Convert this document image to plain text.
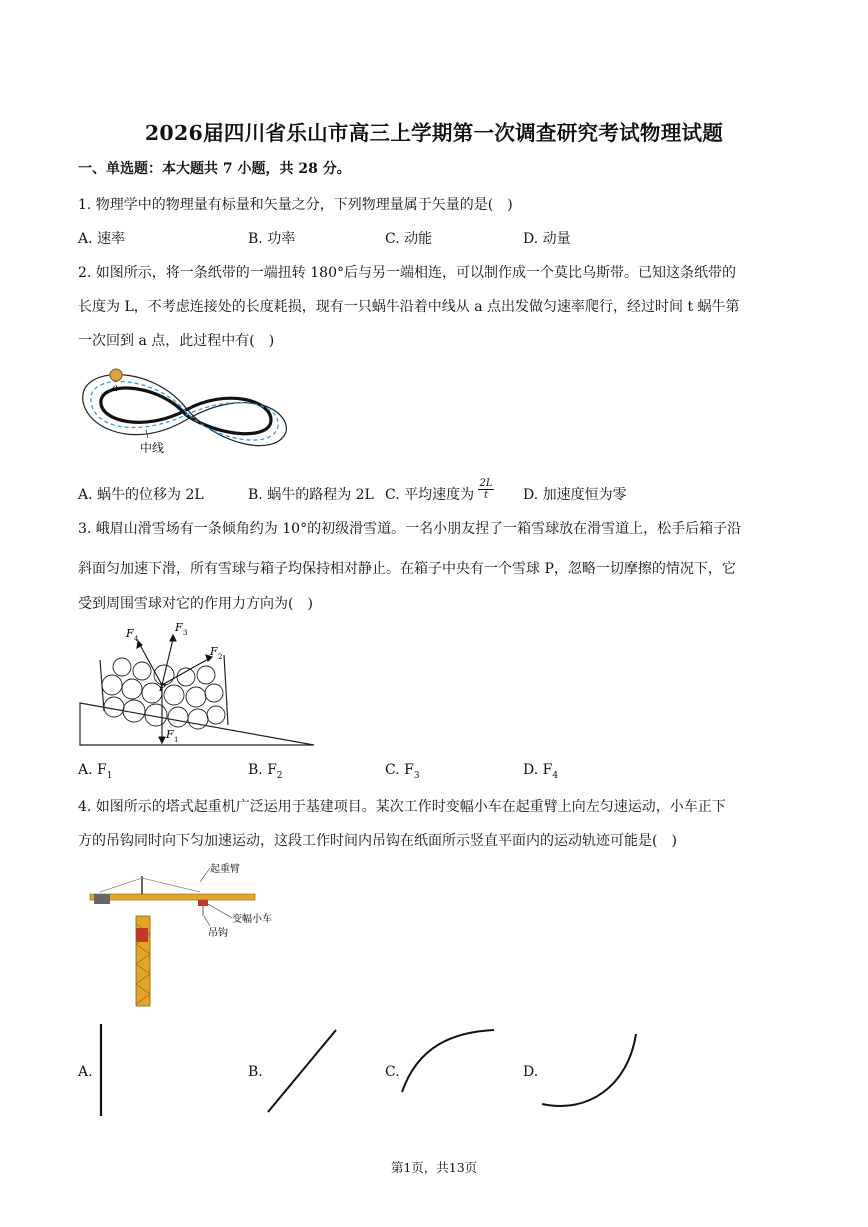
2026届四川省乐山市高三上学期第一次调查研究考试物理试题
一、单选题：本大题共 7 小题，共 28 分。
1. 物理学中的物理量有标量和矢量之分，下列物理量属于矢量的是(　)
A. 速率	B. 功率	C. 动能	D. 动量
2. 如图所示，将一条纸带的一端扭转 180°后与另一端相连，可以制作成一个莫比乌斯带。已知这条纸带的
长度为 L，不考虑连接处的长度耗损，现有一只蜗牛沿着中线从 a 点出发做匀速率爬行，经过时间 t 蜗牛第
一次回到 a 点，此过程中有(　)
a
中线
A. 蜗牛的位移为 2L	B. 蜗牛的路程为 2L C. 平均速度为 $\frac{2L}{t} D$. 加速度恒为零
3. 峨眉山滑雪场有一条倾角约为 10°的初级滑雪道。一名小朋友捏了一箱雪球放在滑雪道上，松手后箱子沿
斜面匀加速下滑，所有雪球与箱子均保持相对静止。在箱子中央有一个雪球 P，忽略一切摩擦的情况下，它
受到周围雪球对它的作用力方向为(　)
P
F 1
F 2
F 3
F 4
A. $F_1$	B. $F_2$	C. $F_3$	D. $F_4$
4. 如图所示的塔式起重机广泛运用于基建项目。某次工作时变幅小车在起重臂上向左匀速运动，小车正下
方的吊钩同时向下匀加速运动，这段工作时间内吊钩在纸面所示竖直平面内的运动轨迹可能是(　)
起重臂
变幅小车
吊钩
A.	B.	C.	D.
第1页，共13页
